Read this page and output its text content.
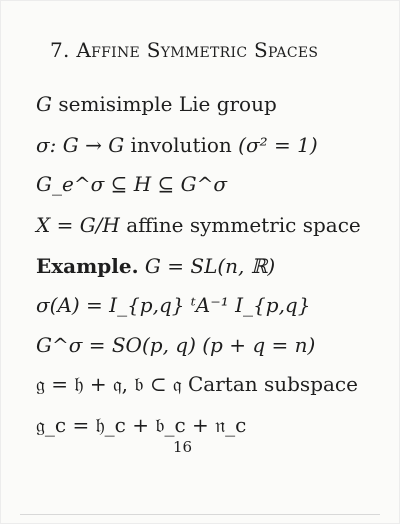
7. Affine Symmetric Spaces
G semisimple Lie group
σ: G → G involution (σ² = 1)
G_e^σ ⊆ H ⊆ G^σ
X = G/H affine symmetric space
Example. G = SL(n, ℝ)
σ(A) = I_{p,q} ᵗA⁻¹ I_{p,q}
G^σ = SO(p, q) (p + q = n)
𝔤 = 𝔥 + 𝔮, 𝔟 ⊂ 𝔮 Cartan subspace
𝔤_c = 𝔥_c + 𝔟_c + 𝔫_c
16
